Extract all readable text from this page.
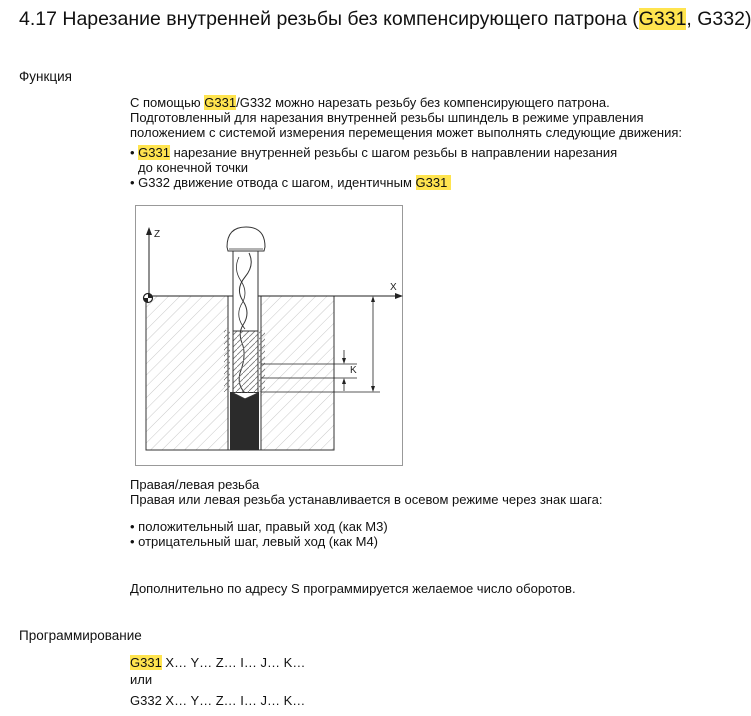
4.17 Нарезание внутренней резьбы без компенсирующего патрона (G331, G332)
Функция
С помощью G331/G332 можно нарезать резьбу без компенсирующего патрона.
Подготовленный для нарезания внутренней резьбы шпиндель в режиме управления
положением с системой измерения перемещения может выполнять следующие движения:
• G331 нарезание внутренней резьбы с шагом резьбы в направлении нарезания
до конечной точки
• G332 движение отвода с шагом, идентичным G331
Z
X
K
Правая/левая резьба
Правая или левая резьба устанавливается в осевом режиме через знак шага:
• положительный шаг, правый ход (как M3)
• отрицательный шаг, левый ход (как M4)
Дополнительно по адресу S программируется желаемое число оборотов.
Программирование
G331 X… Y… Z… I… J… K…
или
G332 X… Y… Z… I… J… K…
